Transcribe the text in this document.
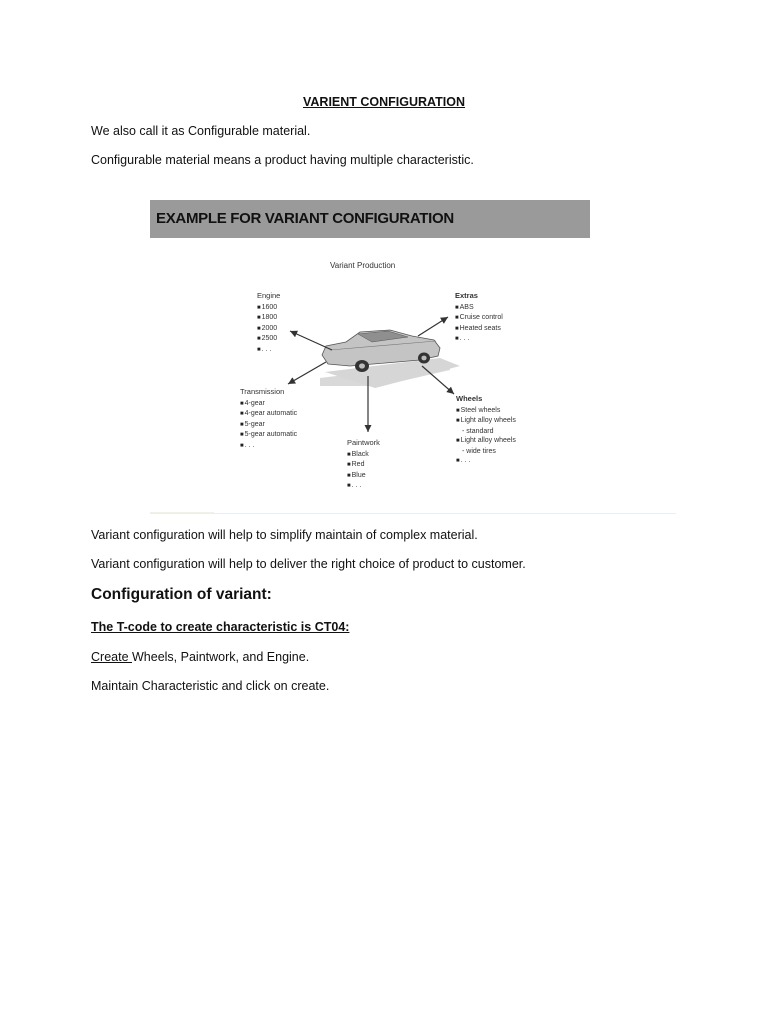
VARIENT CONFIGURATION
We also call it as Configurable material.
Configurable material means a product having multiple characteristic.
EXAMPLE FOR VARIANT CONFIGURATION
Variant Production
Engine
■ 1600
■ 1800
■ 2000
■ 2500
■ . . .
Extras
■ ABS
■ Cruise control
■ Heated seats
■ . . .
Transmission
■ 4-gear
■ 4-gear automatic
■ 5-gear
■ 5-gear automatic
■ . . .	Paintwork
■ Black
■ Red
■ Blue
■ . . .
Wheels
■ Steel wheels
■ Light alloy wheels
- standard
■ Light alloy wheels
- wide tires
■ . . .
Variant configuration will help to simplify maintain of complex material.
Variant configuration will help to deliver the right choice of product to customer.
Configuration of variant:
The T-code to create characteristic is CT04:
Create Wheels, Paintwork, and Engine.
Maintain Characteristic and click on create.
